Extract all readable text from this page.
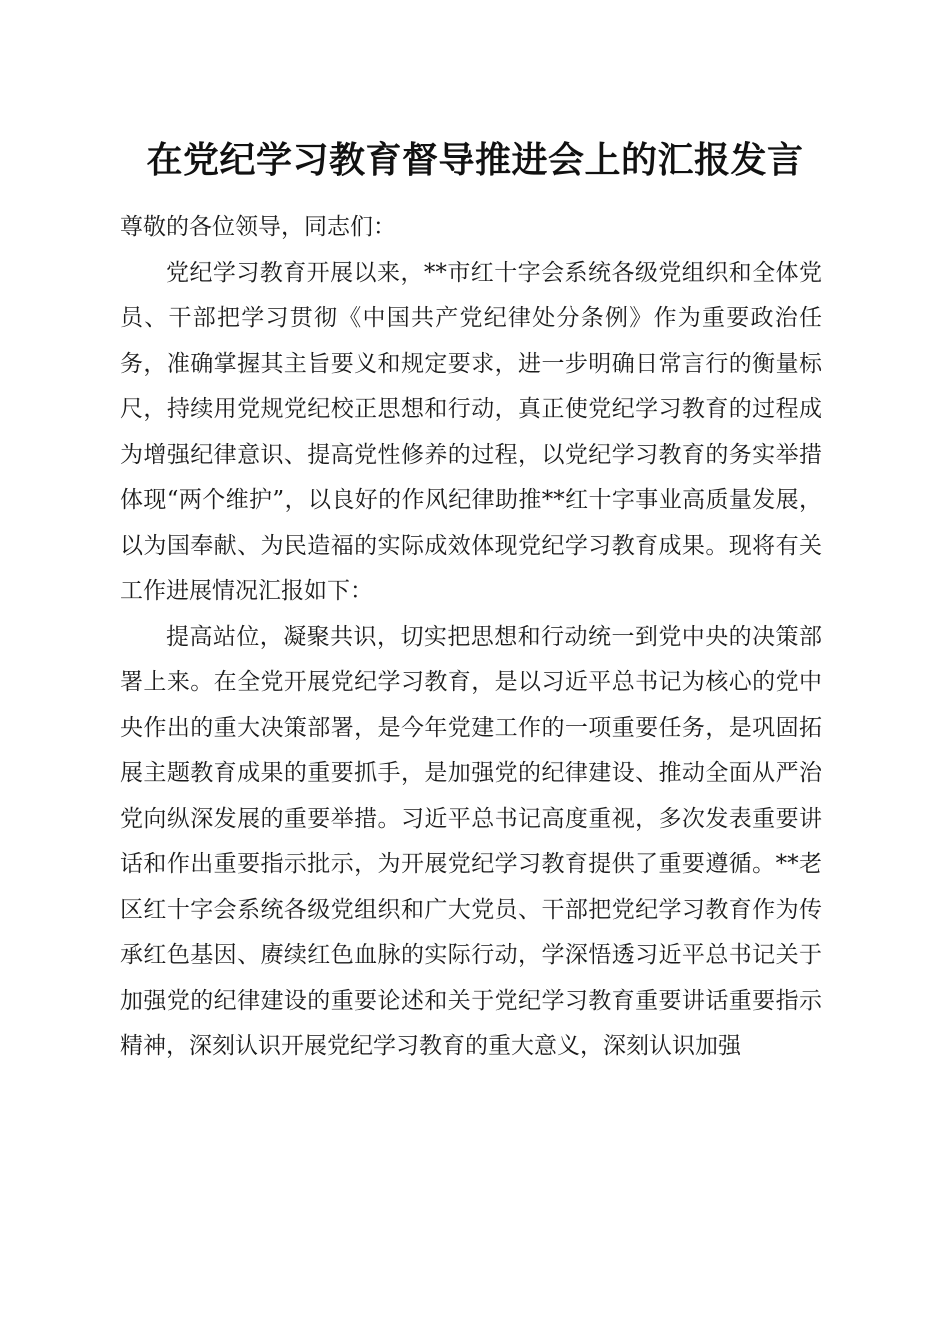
在党纪学习教育督导推进会上的汇报发言

尊敬的各位领导，同志们：

党纪学习教育开展以来，**市红十字会系统各级党组织和全体党员、干部把学习贯彻《中国共产党纪律处分条例》作为重要政治任务，准确掌握其主旨要义和规定要求，进一步明确日常言行的衡量标尺，持续用党规党纪校正思想和行动，真正使党纪学习教育的过程成为增强纪律意识、提高党性修养的过程，以党纪学习教育的务实举措体现“两个维护”，以良好的作风纪律助推**红十字事业高质量发展，以为国奉献、为民造福的实际成效体现党纪学习教育成果。现将有关工作进展情况汇报如下：

提高站位，凝聚共识，切实把思想和行动统一到党中央的决策部署上来。在全党开展党纪学习教育，是以习近平总书记为核心的党中央作出的重大决策部署，是今年党建工作的一项重要任务，是巩固拓展主题教育成果的重要抓手，是加强党的纪律建设、推动全面从严治党向纵深发展的重要举措。习近平总书记高度重视，多次发表重要讲话和作出重要指示批示，为开展党纪学习教育提供了重要遵循。**老区红十字会系统各级党组织和广大党员、干部把党纪学习教育作为传承红色基因、赓续红色血脉的实际行动，学深悟透习近平总书记关于加强党的纪律建设的重要论述和关于党纪学习教育重要讲话重要指示精神，深刻认识开展党纪学习教育的重大意义，深刻认识加强
